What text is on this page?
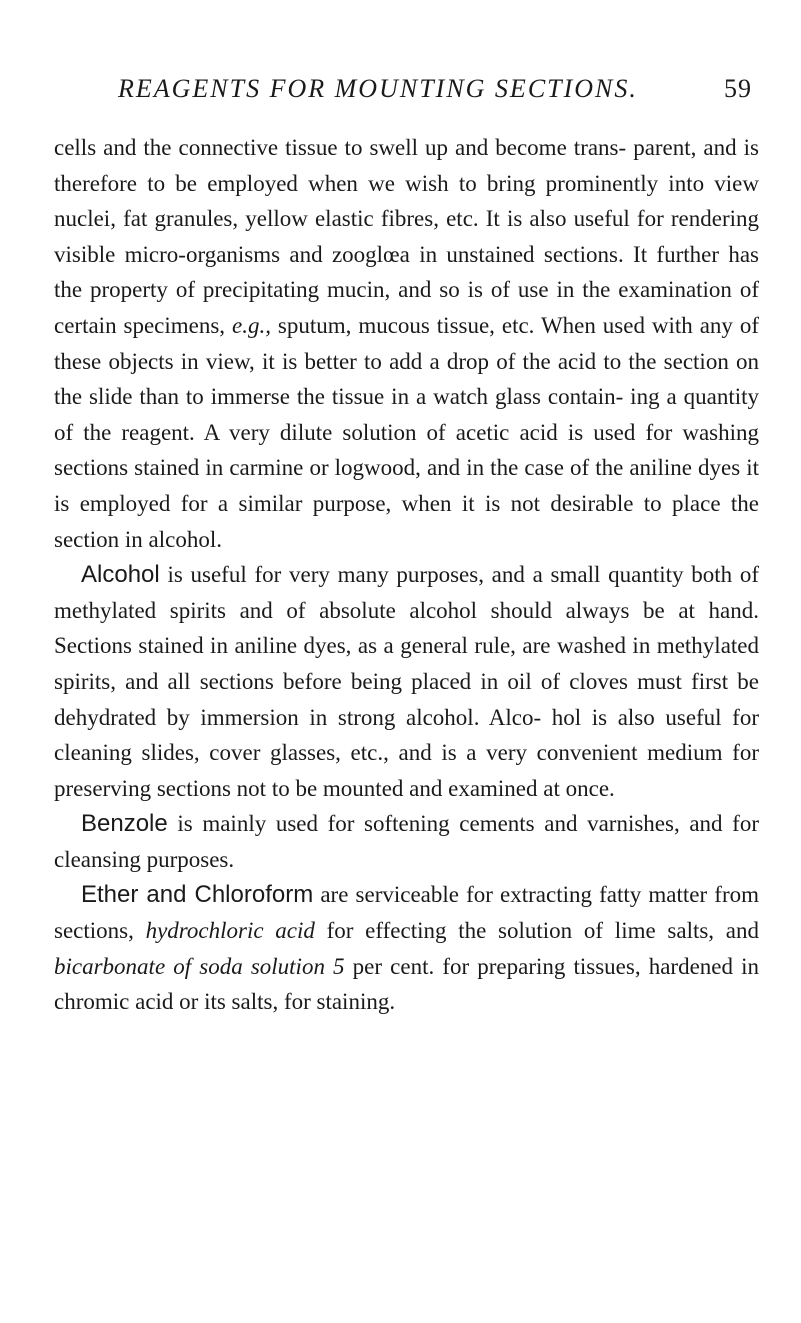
REAGENTS FOR MOUNTING SECTIONS.	59

cells and the connective tissue to swell up and become trans- parent, and is therefore to be employed when we wish to bring prominently into view nuclei, fat granules, yellow elastic fibres, etc. It is also useful for rendering visible micro-organisms and zooglœa in unstained sections. It further has the property of precipitating mucin, and so is of use in the examination of certain specimens, e.g., sputum, mucous tissue, etc. When used with any of these objects in view, it is better to add a drop of the acid to the section on the slide than to immerse the tissue in a watch glass contain- ing a quantity of the reagent. A very dilute solution of acetic acid is used for washing sections stained in carmine or logwood, and in the case of the aniline dyes it is employed for a similar purpose, when it is not desirable to place the section in alcohol.

Alcohol is useful for very many purposes, and a small quantity both of methylated spirits and of absolute alcohol should always be at hand. Sections stained in aniline dyes, as a general rule, are washed in methylated spirits, and all sections before being placed in oil of cloves must first be dehydrated by immersion in strong alcohol. Alco- hol is also useful for cleaning slides, cover glasses, etc., and is a very convenient medium for preserving sections not to be mounted and examined at once.

Benzole is mainly used for softening cements and varnishes, and for cleansing purposes.

Ether and Chloroform are serviceable for extracting fatty matter from sections, hydrochloric acid for effecting the solution of lime salts, and bicarbonate of soda solution 5 per cent. for preparing tissues, hardened in chromic acid or its salts, for staining.
